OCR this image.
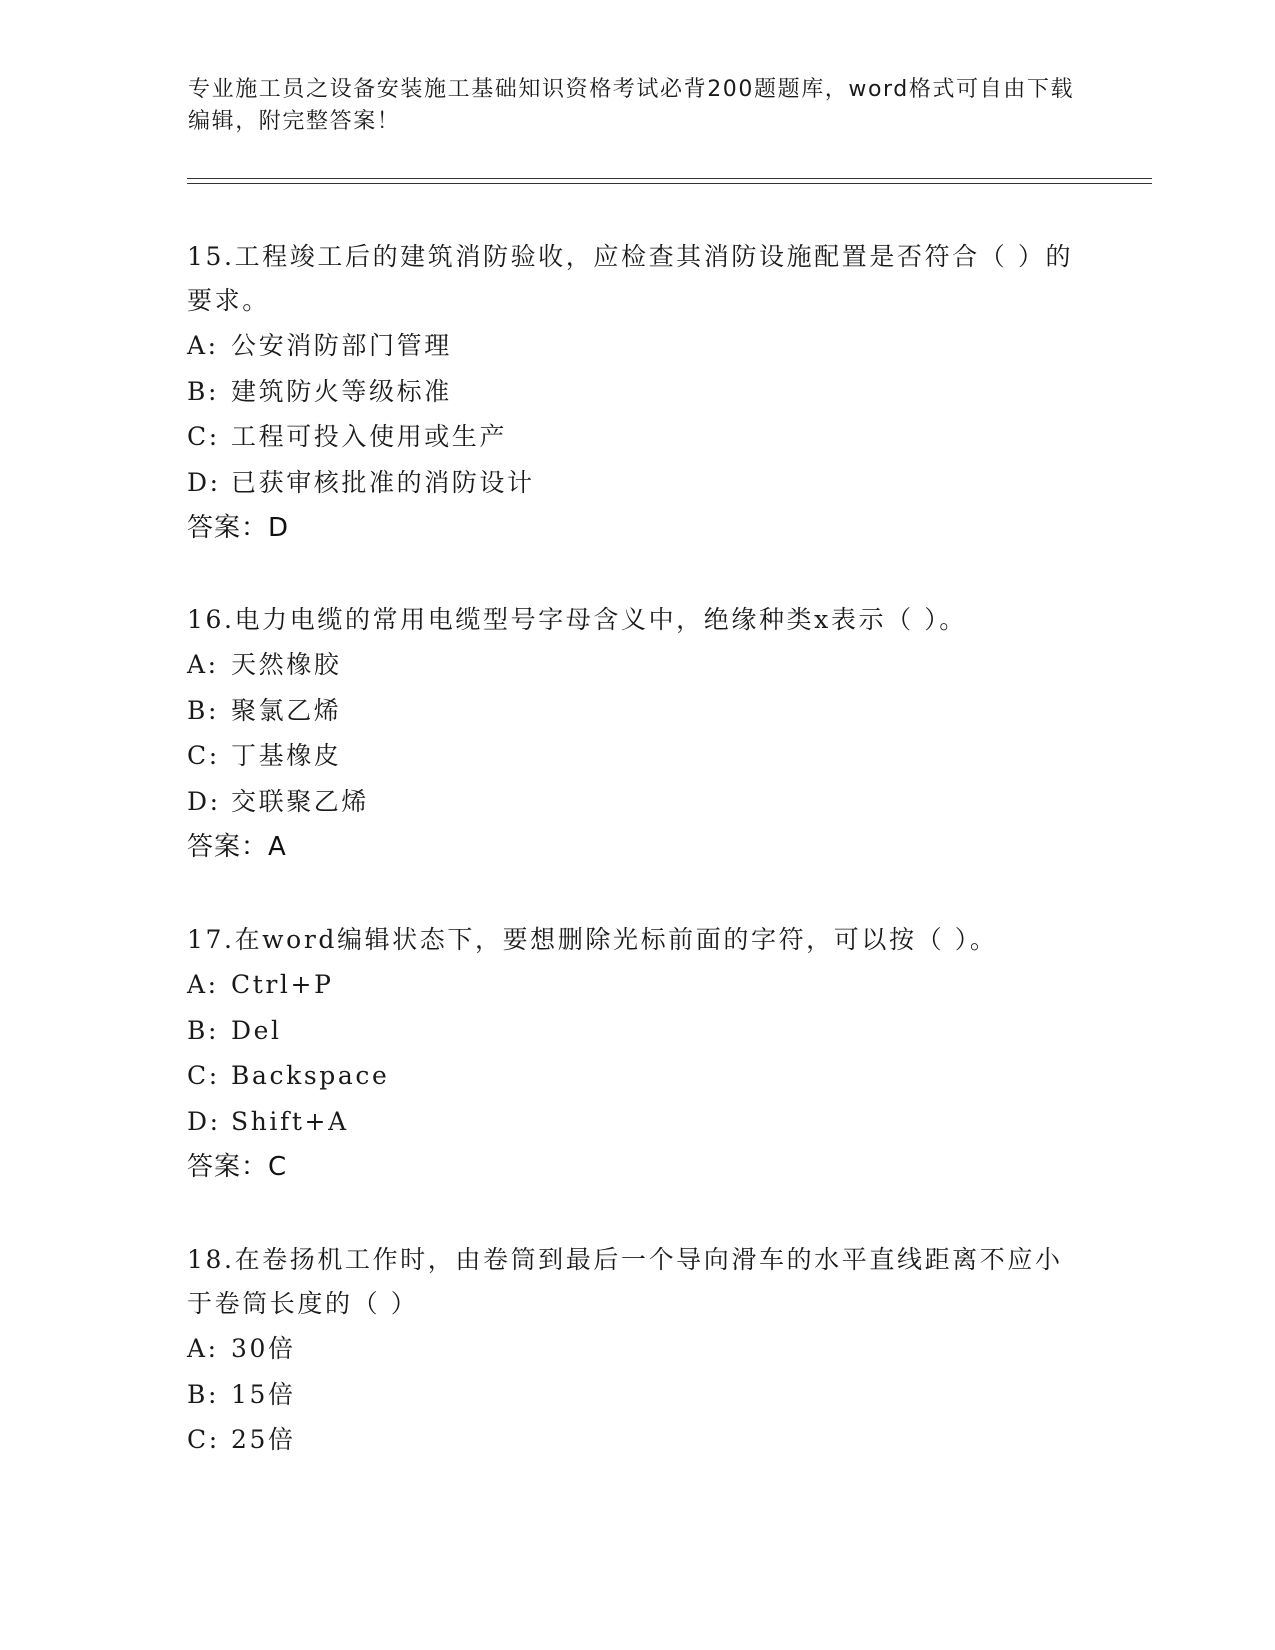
专业施工员之设备安装施工基础知识资格考试必背200题题库，word格式可自由下载编辑，附完整答案！

15.工程竣工后的建筑消防验收，应检查其消防设施配置是否符合（ ）的要求。

A: 公安消防部门管理
B: 建筑防火等级标准
C: 工程可投入使用或生产
D: 已获审核批准的消防设计
答案：D

16.电力电缆的常用电缆型号字母含义中，绝缘种类x表示（ ）。

A: 天然橡胶
B: 聚氯乙烯
C: 丁基橡皮
D: 交联聚乙烯
答案：A

17.在word编辑状态下，要想删除光标前面的字符，可以按（ ）。

A: Ctrl+P
B: Del
C: Backspace
D: Shift+A
答案：C

18.在卷扬机工作时，由卷筒到最后一个导向滑车的水平直线距离不应小于卷筒长度的（ ）

A: 30倍
B: 15倍
C: 25倍
